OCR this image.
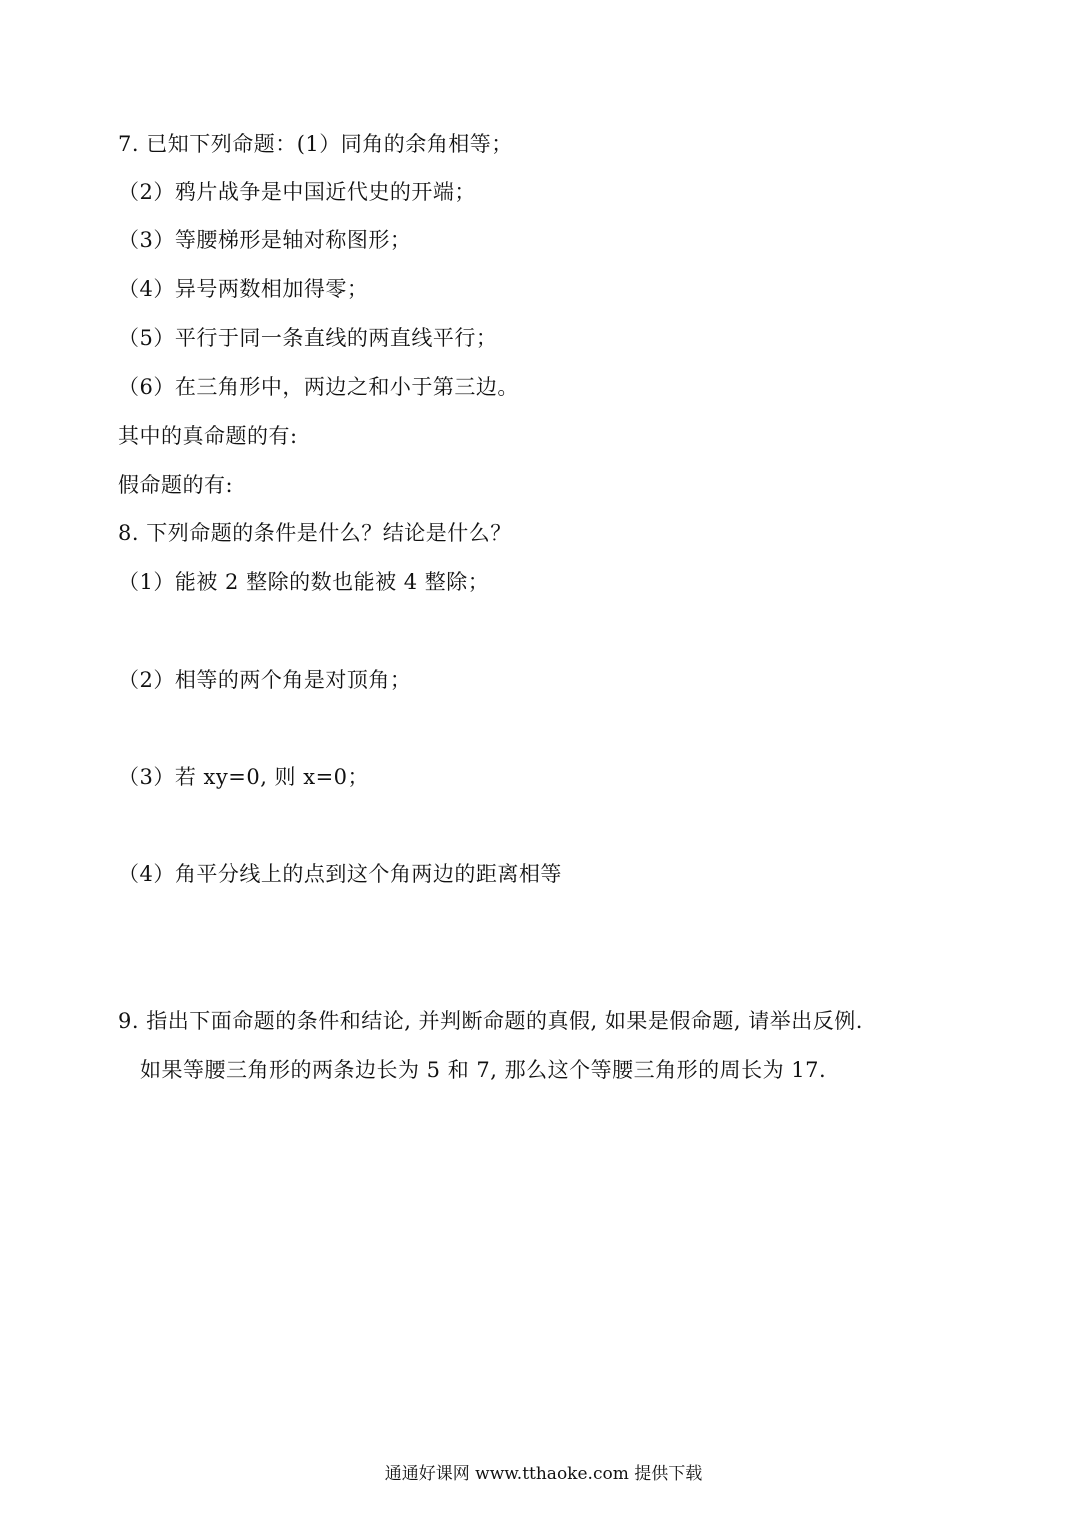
7. 已知下列命题：(1）同角的余角相等；
（2）鸦片战争是中国近代史的开端；
（3）等腰梯形是轴对称图形；
（4）异号两数相加得零；
（5）平行于同一条直线的两直线平行；
（6）在三角形中，两边之和小于第三边。
其中的真命题的有:
假命题的有:
8. 下列命题的条件是什么？结论是什么？
（1）能被 2 整除的数也能被 4 整除；
（2）相等的两个角是对顶角；
（3）若 xy=0, 则 x=0；
（4）角平分线上的点到这个角两边的距离相等
9. 指出下面命题的条件和结论, 并判断命题的真假, 如果是假命题, 请举出反例.
如果等腰三角形的两条边长为 5 和 7, 那么这个等腰三角形的周长为 17.
通通好课网 www.tthaoke.com 提供下载
